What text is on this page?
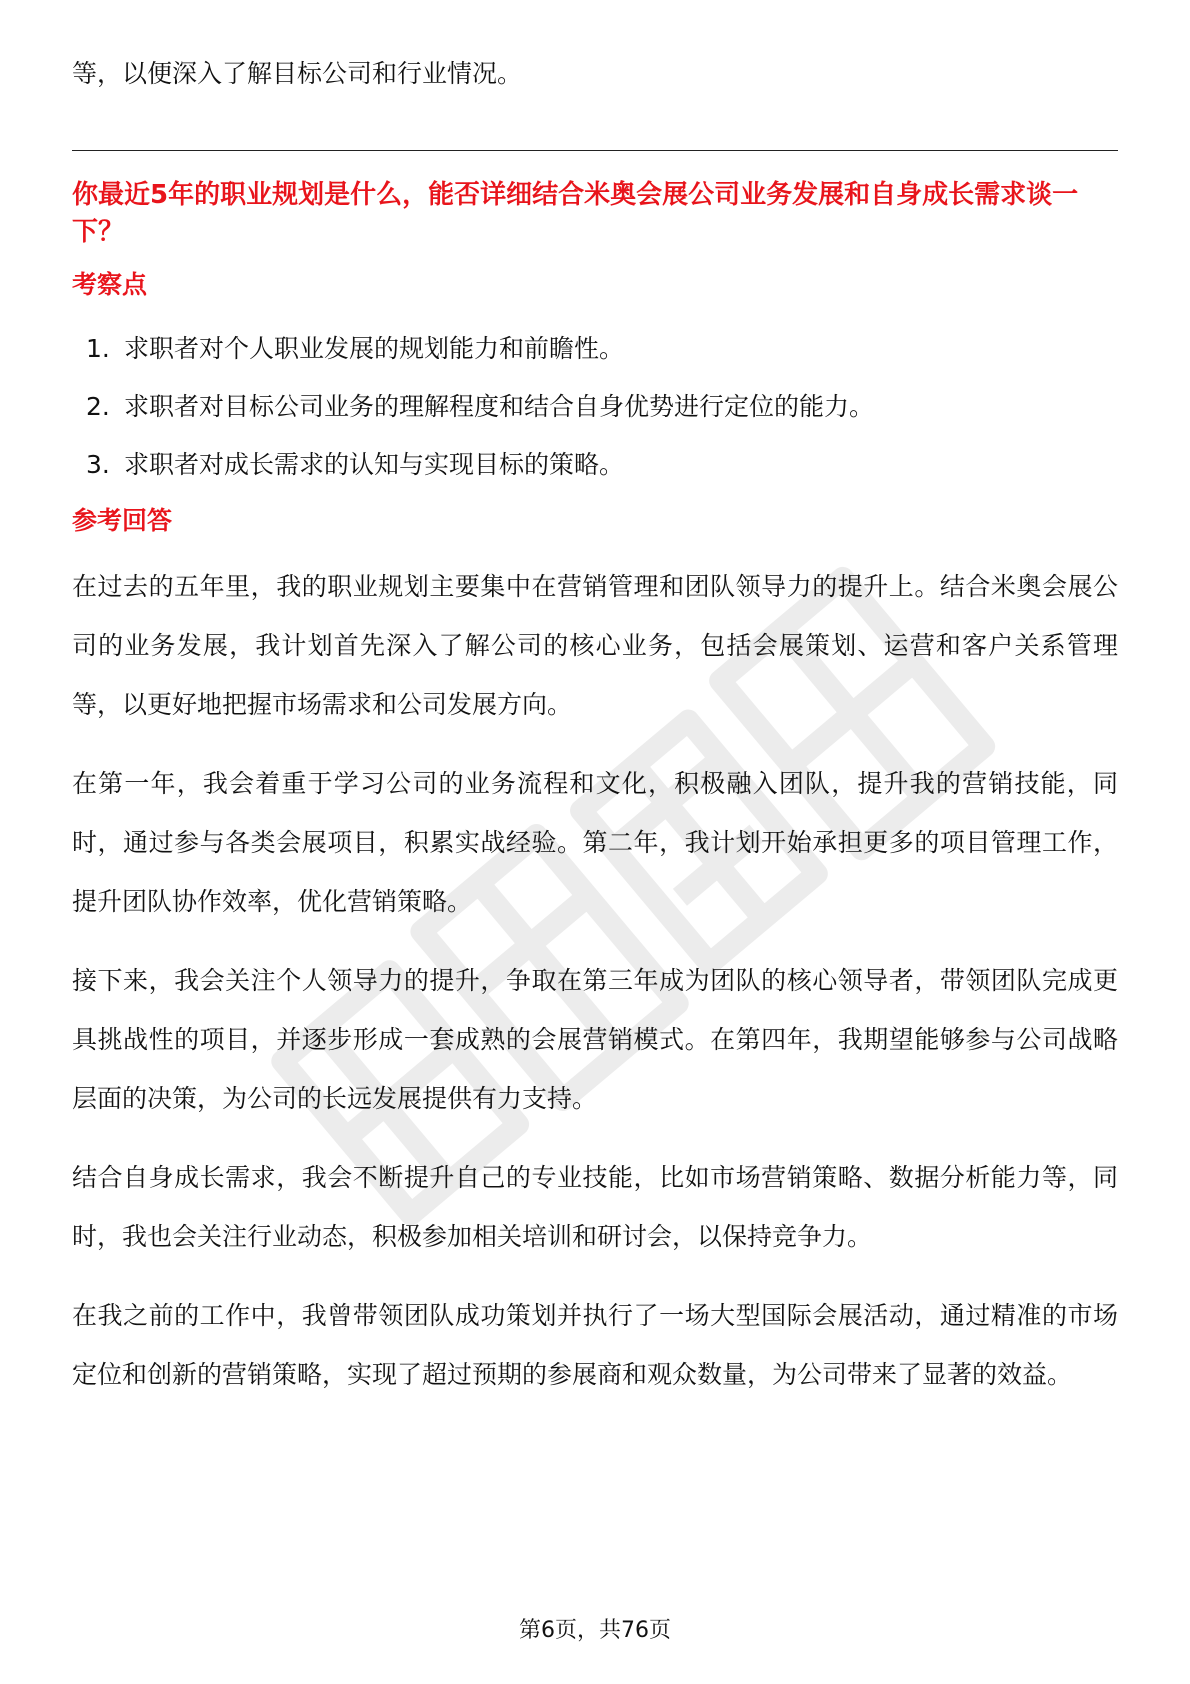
等，以便深入了解目标公司和行业情况。

你最近5年的职业规划是什么，能否详细结合米奥会展公司业务发展和自身成长需求谈一下？
考察点
1. 求职者对个人职业发展的规划能力和前瞻性。
2. 求职者对目标公司业务的理解程度和结合自身优势进行定位的能力。
3. 求职者对成长需求的认知与实现目标的策略。
参考回答

在过去的五年里，我的职业规划主要集中在营销管理和团队领导力的提升上。结合米奥会展公司的业务发展，我计划首先深入了解公司的核心业务，包括会展策划、运营和客户关系管理等，以更好地把握市场需求和公司发展方向。

在第一年，我会着重于学习公司的业务流程和文化，积极融入团队，提升我的营销技能，同时，通过参与各类会展项目，积累实战经验。第二年，我计划开始承担更多的项目管理工作，提升团队协作效率，优化营销策略。

接下来，我会关注个人领导力的提升，争取在第三年成为团队的核心领导者，带领团队完成更具挑战性的项目，并逐步形成一套成熟的会展营销模式。在第四年，我期望能够参与公司战略层面的决策，为公司的长远发展提供有力支持。

结合自身成长需求，我会不断提升自己的专业技能，比如市场营销策略、数据分析能力等，同时，我也会关注行业动态，积极参加相关培训和研讨会，以保持竞争力。

在我之前的工作中，我曾带领团队成功策划并执行了一场大型国际会展活动，通过精准的市场定位和创新的营销策略，实现了超过预期的参展商和观众数量，为公司带来了显著的效益。

第6页，共76页
